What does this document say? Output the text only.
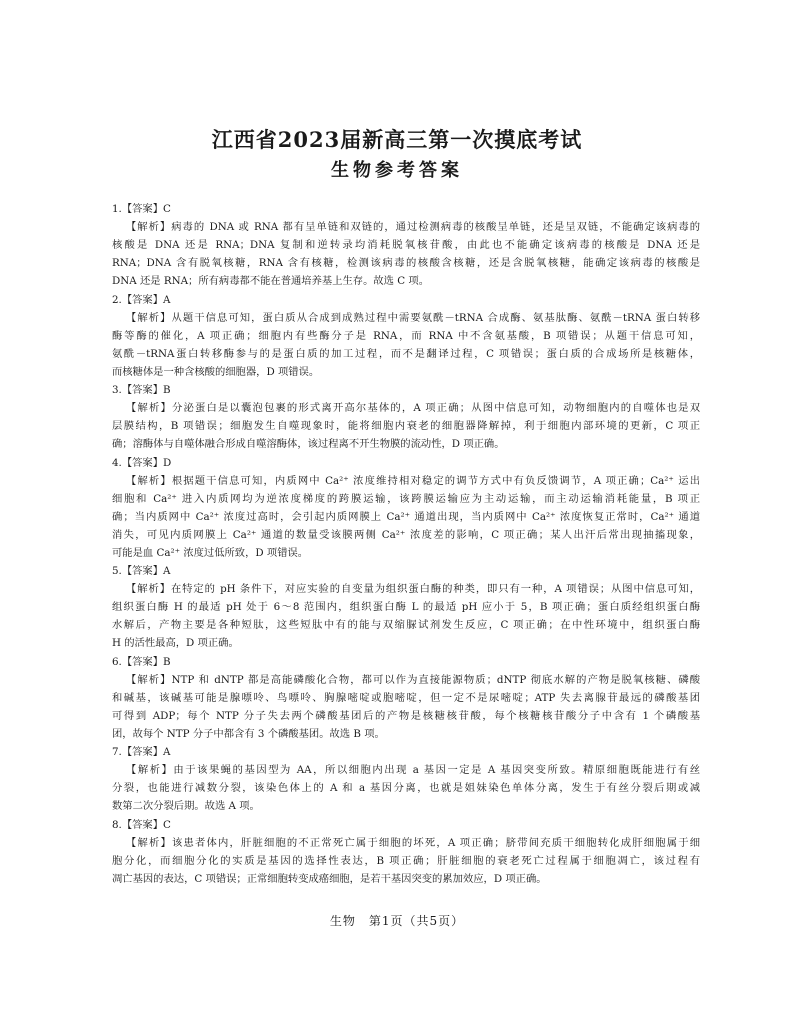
江西省2023届新高三第一次摸底考试
生物参考答案
1.【答案】C
【解析】病毒的 DNA 或 RNA 都有呈单链和双链的，通过检测病毒的核酸呈单链，还是呈双链，不能确定该病毒的
核酸是 DNA 还是 RNA；DNA 复制和逆转录均消耗脱氧核苷酸，由此也不能确定该病毒的核酸是 DNA 还是
RNA；DNA 含有脱氧核糖，RNA 含有核糖，检测该病毒的核酸含核糖，还是含脱氧核糖，能确定该病毒的核酸是
DNA 还是 RNA；所有病毒都不能在普通培养基上生存。故选 C 项。
2.【答案】A
【解析】从题干信息可知，蛋白质从合成到成熟过程中需要氨酰－tRNA 合成酶、氨基肽酶、氨酰－tRNA 蛋白转移
酶等酶的催化，A 项正确；细胞内有些酶分子是 RNA，而 RNA 中不含氨基酸，B 项错误；从题干信息可知，
氨酰－tRNA蛋白转移酶参与的是蛋白质的加工过程，而不是翻译过程，C 项错误；蛋白质的合成场所是核糖体，
而核糖体是一种含核酸的细胞器，D 项错误。
3.【答案】B
【解析】分泌蛋白是以囊泡包裹的形式离开高尔基体的，A 项正确；从图中信息可知，动物细胞内的自噬体也是双
层膜结构，B 项错误；细胞发生自噬现象时，能将细胞内衰老的细胞器降解掉，利于细胞内部环境的更新，C 项正
确；溶酶体与自噬体融合形成自噬溶酶体，该过程离不开生物膜的流动性，D 项正确。
4.【答案】D
【解析】根据题干信息可知，内质网中 Ca²⁺ 浓度维持相对稳定的调节方式中有负反馈调节，A 项正确；Ca²⁺ 运出
细胞和 Ca²⁺ 进入内质网均为逆浓度梯度的跨膜运输，该跨膜运输应为主动运输，而主动运输消耗能量，B 项正
确；当内质网中 Ca²⁺ 浓度过高时，会引起内质网膜上 Ca²⁺ 通道出现，当内质网中 Ca²⁺ 浓度恢复正常时，Ca²⁺ 通道
消失，可见内质网膜上 Ca²⁺ 通道的数量受该膜两侧 Ca²⁺ 浓度差的影响，C 项正确；某人出汗后常出现抽搐现象，
可能是血 Ca²⁺ 浓度过低所致，D 项错误。
5.【答案】A
【解析】在特定的 pH 条件下，对应实验的自变量为组织蛋白酶的种类，即只有一种，A 项错误；从图中信息可知，
组织蛋白酶 H 的最适 pH 处于 6～8 范围内，组织蛋白酶 L 的最适 pH 应小于 5，B 项正确；蛋白质经组织蛋白酶
水解后，产物主要是各种短肽，这些短肽中有的能与双缩脲试剂发生反应，C 项正确；在中性环境中，组织蛋白酶
H 的活性最高，D 项正确。
6.【答案】B
【解析】NTP 和 dNTP 都是高能磷酸化合物，都可以作为直接能源物质；dNTP 彻底水解的产物是脱氧核糖、磷酸
和碱基，该碱基可能是腺嘌呤、鸟嘌呤、胸腺嘧啶或胞嘧啶，但一定不是尿嘧啶；ATP 失去离腺苷最远的磷酸基团
可得到 ADP；每个 NTP 分子失去两个磷酸基团后的产物是核糖核苷酸，每个核糖核苷酸分子中含有 1 个磷酸基
团，故每个 NTP 分子中都含有 3 个磷酸基团。故选 B 项。
7.【答案】A
【解析】由于该果蝇的基因型为 AA，所以细胞内出现 a 基因一定是 A 基因突变所致。精原细胞既能进行有丝
分裂，也能进行减数分裂，该染色体上的 A 和 a 基因分离，也就是姐妹染色单体分离，发生于有丝分裂后期或减
数第二次分裂后期。故选 A 项。
8.【答案】C
【解析】该患者体内，肝脏细胞的不正常死亡属于细胞的坏死，A 项正确；脐带间充质干细胞转化成肝细胞属于细
胞分化，而细胞分化的实质是基因的选择性表达，B 项正确；肝脏细胞的衰老死亡过程属于细胞凋亡，该过程有
凋亡基因的表达，C 项错误；正常细胞转变成癌细胞，是若干基因突变的累加效应，D 项正确。
生物　第1页（共5页）
